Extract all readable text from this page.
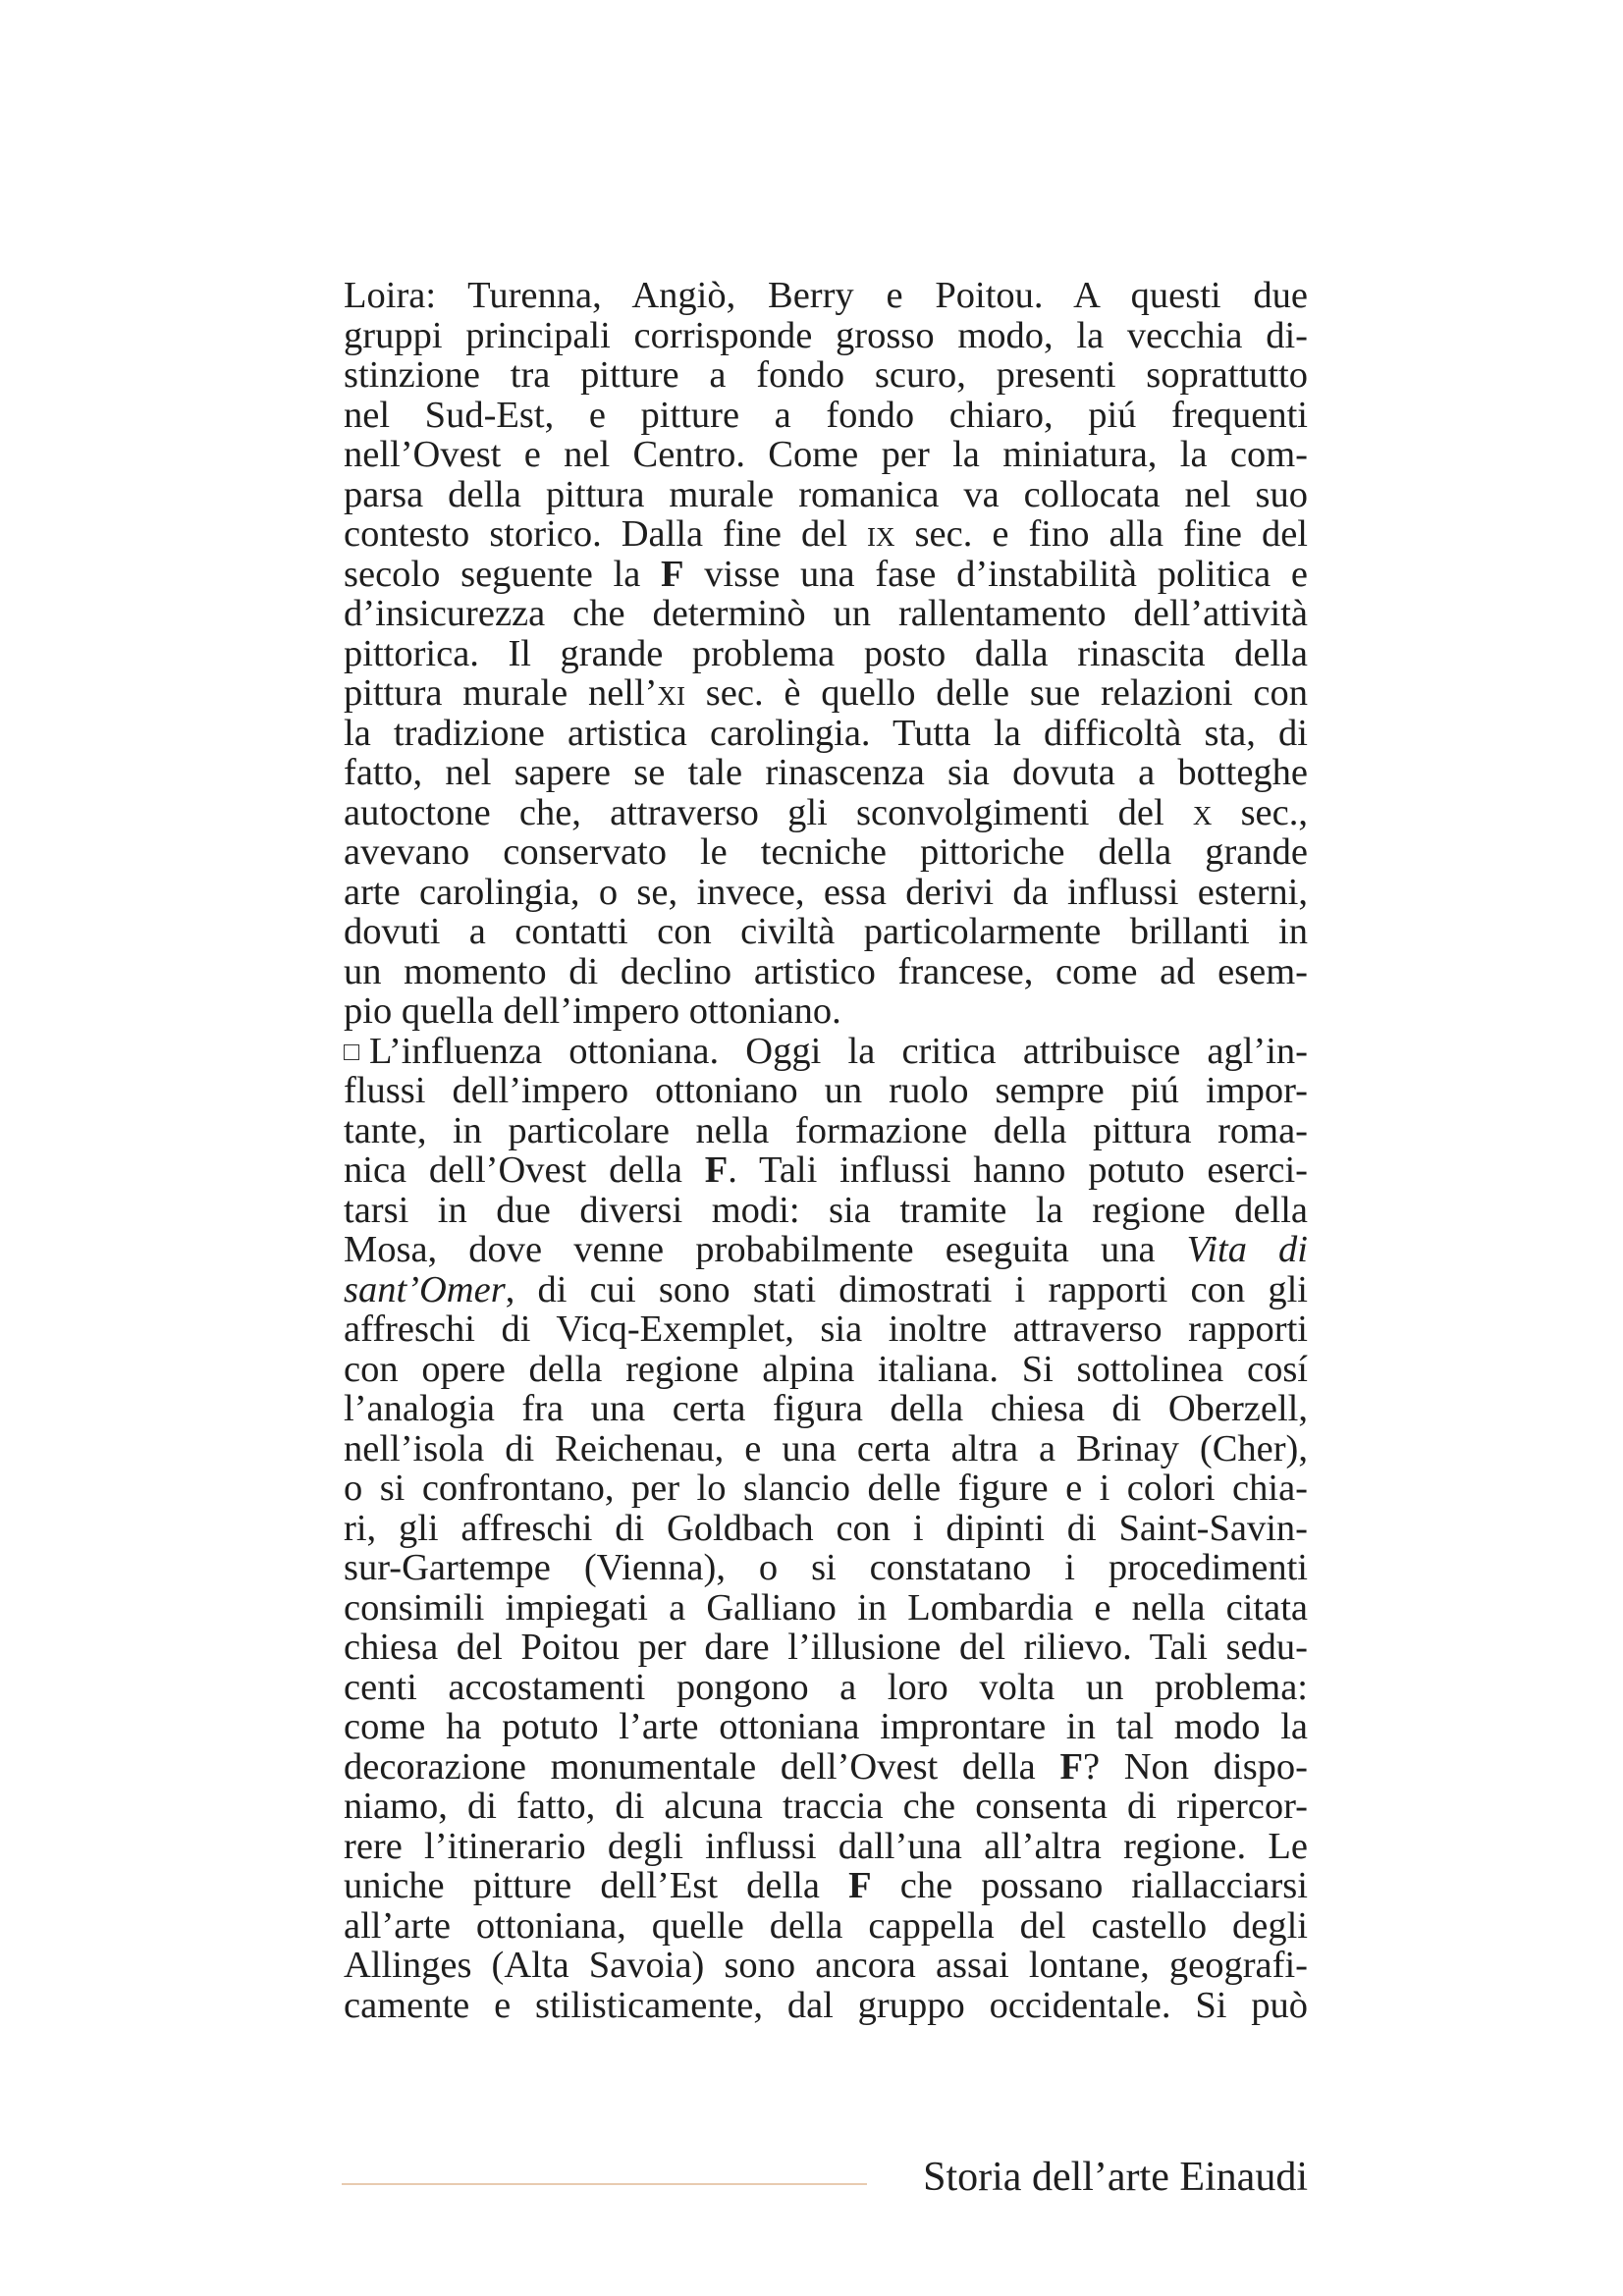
Loira: Turenna, Angiò, Berry e Poitou. A questi due
gruppi principali corrisponde grosso modo, la vecchia di-
stinzione tra pitture a fondo scuro, presenti soprattutto
nel Sud-Est, e pitture a fondo chiaro, piú frequenti
nell’Ovest e nel Centro. Come per la miniatura, la com-
parsa della pittura murale romanica va collocata nel suo
contesto storico. Dalla fine del ix sec. e fino alla fine del
secolo seguente la F visse una fase d’instabilità politica e
d’insicurezza che determinò un rallentamento dell’attività
pittorica. Il grande problema posto dalla rinascita della
pittura murale nell’xi sec. è quello delle sue relazioni con
la tradizione artistica carolingia. Tutta la difficoltà sta, di
fatto, nel sapere se tale rinascenza sia dovuta a botteghe
autoctone che, attraverso gli sconvolgimenti del x sec.,
avevano conservato le tecniche pittoriche della grande
arte carolingia, o se, invece, essa derivi da influssi esterni,
dovuti a contatti con civiltà particolarmente brillanti in
un momento di declino artistico francese, come ad esem-
pio quella dell’impero ottoniano.
L’influenza ottoniana. Oggi la critica attribuisce agl’in-
flussi dell’impero ottoniano un ruolo sempre piú impor-
tante, in particolare nella formazione della pittura roma-
nica dell’Ovest della F. Tali influssi hanno potuto eserci-
tarsi in due diversi modi: sia tramite la regione della
Mosa, dove venne probabilmente eseguita una Vita di
sant’Omer, di cui sono stati dimostrati i rapporti con gli
affreschi di Vicq-Exemplet, sia inoltre attraverso rapporti
con opere della regione alpina italiana. Si sottolinea cosí
l’analogia fra una certa figura della chiesa di Oberzell,
nell’isola di Reichenau, e una certa altra a Brinay (Cher),
o si confrontano, per lo slancio delle figure e i colori chia-
ri, gli affreschi di Goldbach con i dipinti di Saint-Savin-
sur-Gartempe (Vienna), o si constatano i procedimenti
consimili impiegati a Galliano in Lombardia e nella citata
chiesa del Poitou per dare l’illusione del rilievo. Tali sedu-
centi accostamenti pongono a loro volta un problema:
come ha potuto l’arte ottoniana improntare in tal modo la
decorazione monumentale dell’Ovest della F? Non dispo-
niamo, di fatto, di alcuna traccia che consenta di ripercor-
rere l’itinerario degli influssi dall’una all’altra regione. Le
uniche pitture dell’Est della F che possano riallacciarsi
all’arte ottoniana, quelle della cappella del castello degli
Allinges (Alta Savoia) sono ancora assai lontane, geografi-
camente e stilisticamente, dal gruppo occidentale. Si può
Storia dell’arte Einaudi
